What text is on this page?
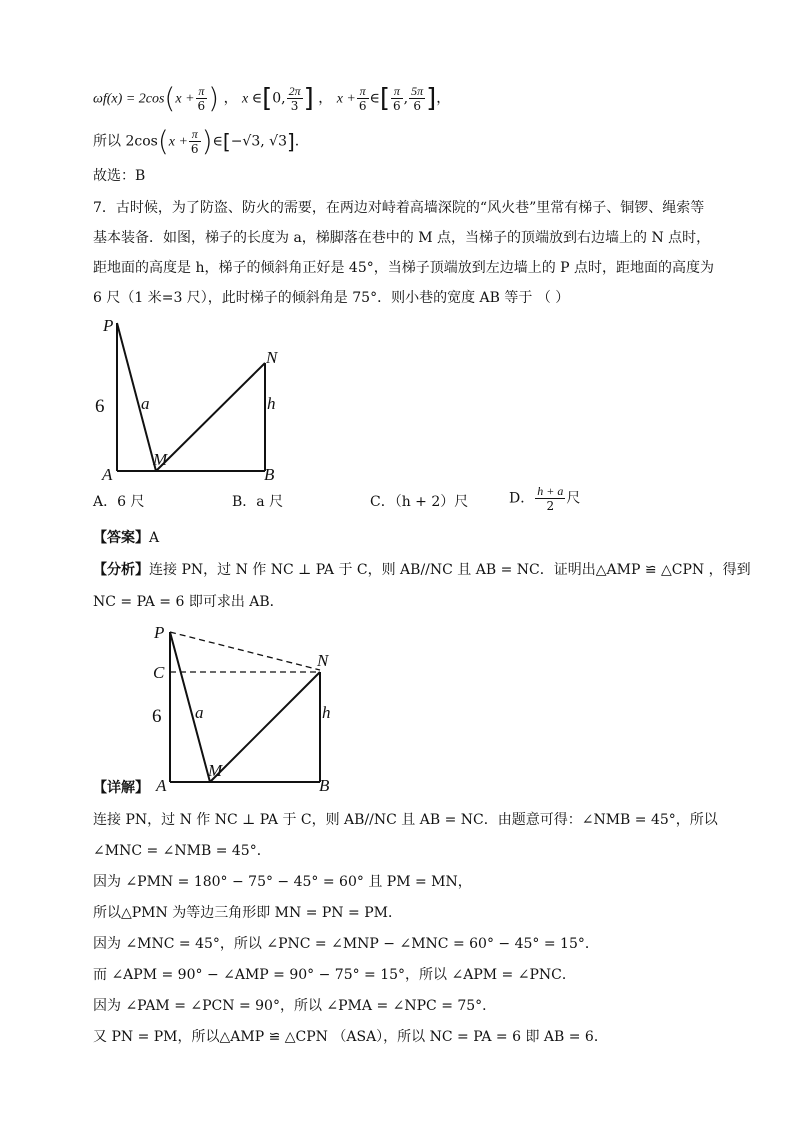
$\omega f(x) = 2\cos(x + \frac{\pi}{6}$ ) ， x ∈[0, $\frac{2\pi}{3}$ ] ， $x + \frac{\pi}{6}$ ∈[ $\frac{\pi}{6}$ , $\frac{5\pi}{6}$ ]，
所以 $2\cos(x + \frac{\pi}{6}$ )∈[−√3, √3].
故选：B
7．古时候，为了防盗、防火的需要，在两边对峙着高墙深院的“风火巷”里常有梯子、铜锣、绳索等
基本装备．如图，梯子的长度为 a，梯脚落在巷中的 M 点，当梯子的顶端放到右边墙上的 N 点时，
距地面的高度是 h，梯子的倾斜角正好是 45°，当梯子顶端放到左边墙上的 P 点时，距地面的高度为
6 尺（1 米=3 尺），此时梯子的倾斜角是 75°．则小巷的宽度 AB 等于 （ ）
P
N
A	B
M
a	h
6
A．6 尺	B．a 尺	C．（h + 2）尺	D． $\frac{h + a}{2}$ 尺
【答案】A
【分析】连接 PN，过 N 作 NC ⊥ PA 于 C，则 AB//NC 且 AB = NC．证明出△AMP ≌ △CPN ，得到
NC = PA = 6 即可求出 AB．
P
C
N
A	B
M
a	h
6
【详解】
连接 PN，过 N 作 NC ⊥ PA 于 C，则 AB//NC 且 AB = NC．由题意可得：∠NMB = 45°，所以
∠MNC = ∠NMB = 45°．
因为 ∠PMN = 180° − 75° − 45° = 60° 且 PM = MN，
所以△PMN 为等边三角形即 MN = PN = PM．
因为 ∠MNC = 45°，所以 ∠PNC = ∠MNP − ∠MNC = 60° − 45° = 15°．
而 ∠APM = 90° − ∠AMP = 90° − 75° = 15°，所以 ∠APM = ∠PNC．
因为 ∠PAM = ∠PCN = 90°，所以 ∠PMA = ∠NPC = 75°．
又 PN = PM，所以△AMP ≌ △CPN （ASA），所以 NC = PA = 6 即 AB = 6．
